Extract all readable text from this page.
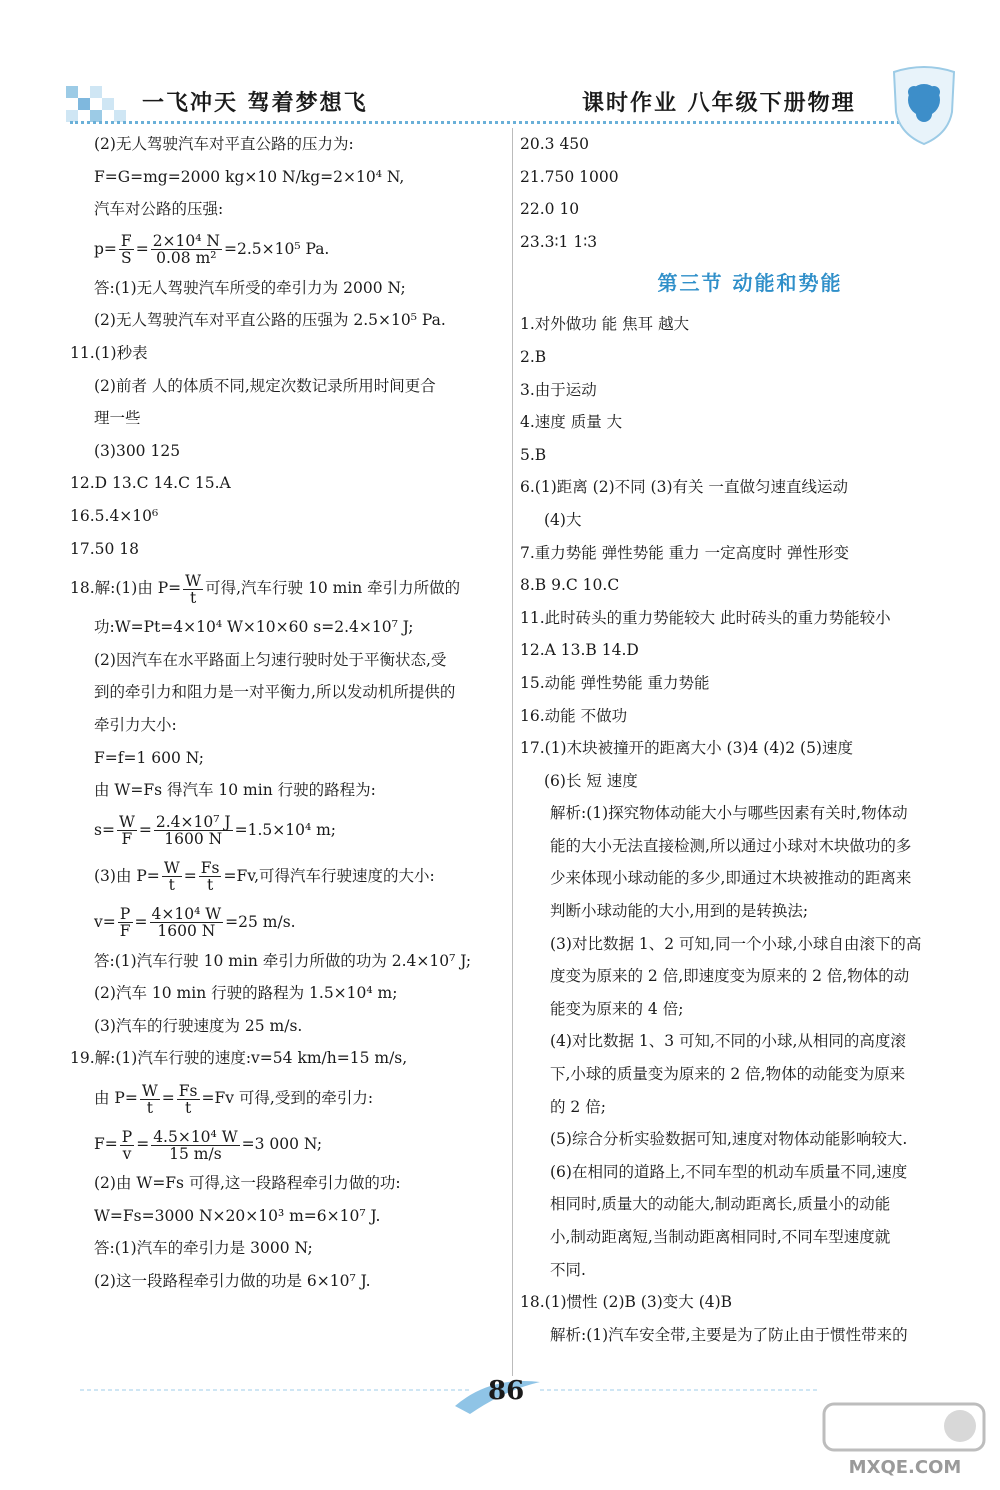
一飞冲天 驾着梦想飞	课时作业 八年级下册物理
(2)无人驾驶汽车对平直公路的压力为:
F=G=mg=2000 kg×10 N/kg=2×10⁴ N,
汽车对公路的压强:
$p= \frac{F}{S} = \frac{\text{2×10⁴ N}}{\text{0.08 m²}} =2.5\times 10^5$ Pa.
答:(1)无人驾驶汽车所受的牵引力为 2000 N;
(2)无人驾驶汽车对平直公路的压强为 2.5×10⁵ Pa.
11.(1)秒表
(2)前者 人的体质不同,规定次数记录所用时间更合
理一些
(3)300 125
12.D 13.C 14.C 15.A
16.5.4×10⁶
17.50 18
18.解:(1)由 $P= \frac{W}{t}$ 可得,汽车行驶 10 min 牵引力所做的
功:W=Pt=4×10⁴ W×10×60 s=2.4×10⁷ J;
(2)因汽车在水平路面上匀速行驶时处于平衡状态,受
到的牵引力和阻力是一对平衡力,所以发动机所提供的
牵引力大小:
F=f=1 600 N;
由 W=Fs 得汽车 10 min 行驶的路程为:
$s= \frac{W}{F} = \frac{\text{2.4×10⁷ J}}{1600 N} =1.5\times 10^4$ m;
(3)由 $P= \frac{W}{t} = \frac{Fs}{t} =Fv$,可得汽车行驶速度的大小:
$v= \frac{P}{F} = \frac{\text{4×10⁴ W}}{1600 N} =25$ m/s.
答:(1)汽车行驶 10 min 牵引力所做的功为 2.4×10⁷ J;
(2)汽车 10 min 行驶的路程为 1.5×10⁴ m;
(3)汽车的行驶速度为 25 m/s.
19.解:(1)汽车行驶的速度:v=54 km/h=15 m/s,
由 $P= \frac{W}{t} = \frac{Fs}{t} =Fv$ 可得,受到的牵引力:
$F= \frac{P}{v} = \frac{\text{4.5×10⁴ W}}{15 m/s} =3$ 000 N;
(2)由 W=Fs 可得,这一段路程牵引力做的功:
W=Fs=3000 N×20×10³ m=6×10⁷ J.
答:(1)汽车的牵引力是 3000 N;
(2)这一段路程牵引力做的功是 6×10⁷ J.
20.3 450
21.750 1000
22.0 10
23.3∶1 1∶3
第三节 动能和势能
1.对外做功 能 焦耳 越大
2.B
3.由于运动
4.速度 质量 大
5.B
6.(1)距离 (2)不同 (3)有关 一直做匀速直线运动
(4)大
7.重力势能 弹性势能 重力 一定高度时 弹性形变
8.B 9.C 10.C
11.此时砖头的重力势能较大 此时砖头的重力势能较小
12.A 13.B 14.D
15.动能 弹性势能 重力势能
16.动能 不做功
17.(1)木块被撞开的距离大小 (3)4 (4)2 (5)速度
(6)长 短 速度
解析:(1)探究物体动能大小与哪些因素有关时,物体动
能的大小无法直接检测,所以通过小球对木块做功的多
少来体现小球动能的多少,即通过木块被推动的距离来
判断小球动能的大小,用到的是转换法;
(3)对比数据 1、2 可知,同一个小球,小球自由滚下的高
度变为原来的 2 倍,即速度变为原来的 2 倍,物体的动
能变为原来的 4 倍;
(4)对比数据 1、3 可知,不同的小球,从相同的高度滚
下,小球的质量变为原来的 2 倍,物体的动能变为原来
的 2 倍;
(5)综合分析实验数据可知,速度对物体动能影响较大.
(6)在相同的道路上,不同车型的机动车质量不同,速度
相同时,质量大的动能大,制动距离长,质量小的动能
小,制动距离短,当制动距离相同时,不同车型速度就
不同.
18.(1)惯性 (2)B (3)变大 (4)B
解析:(1)汽车安全带,主要是为了防止由于惯性带来的
86
MXQE.COM
